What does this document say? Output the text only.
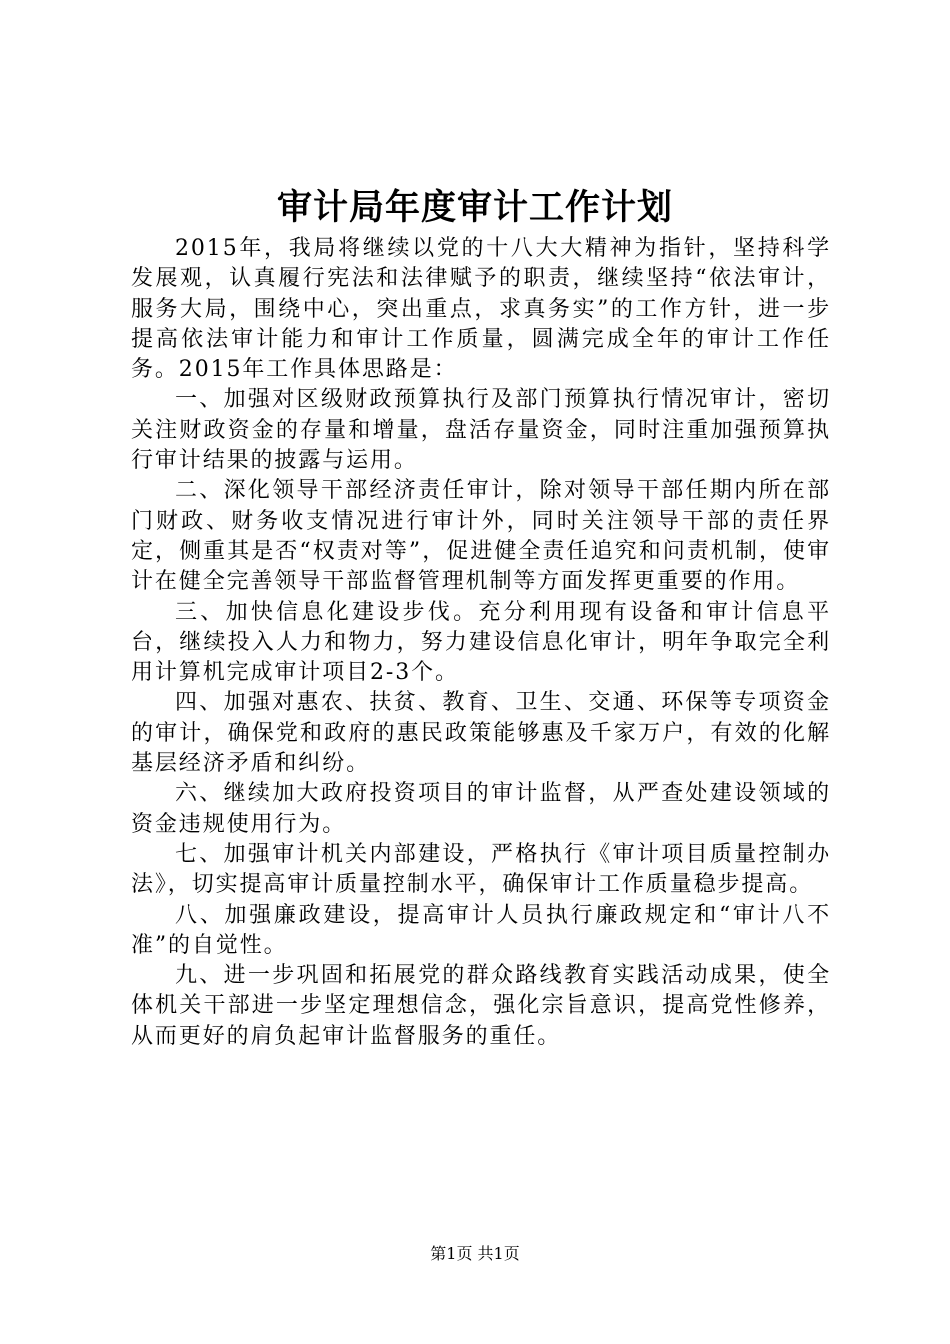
审计局年度审计工作计划

2015年，我局将继续以党的十八大大精神为指针，坚持科学发展观，认真履行宪法和法律赋予的职责，继续坚持“依法审计，服务大局，围绕中心，突出重点，求真务实”的工作方针，进一步提高依法审计能力和审计工作质量，圆满完成全年的审计工作任务。2015年工作具体思路是：

一、加强对区级财政预算执行及部门预算执行情况审计，密切关注财政资金的存量和增量，盘活存量资金，同时注重加强预算执行审计结果的披露与运用。

二、深化领导干部经济责任审计，除对领导干部任期内所在部门财政、财务收支情况进行审计外，同时关注领导干部的责任界定，侧重其是否“权责对等”，促进健全责任追究和问责机制，使审计在健全完善领导干部监督管理机制等方面发挥更重要的作用。

三、加快信息化建设步伐。充分利用现有设备和审计信息平台，继续投入人力和物力，努力建设信息化审计，明年争取完全利用计算机完成审计项目2-3个。

四、加强对惠农、扶贫、教育、卫生、交通、环保等专项资金的审计，确保党和政府的惠民政策能够惠及千家万户，有效的化解基层经济矛盾和纠纷。

六、继续加大政府投资项目的审计监督，从严查处建设领域的资金违规使用行为。

七、加强审计机关内部建设，严格执行《审计项目质量控制办法》，切实提高审计质量控制水平，确保审计工作质量稳步提高。

八、加强廉政建设，提高审计人员执行廉政规定和“审计八不准”的自觉性。

九、进一步巩固和拓展党的群众路线教育实践活动成果，使全体机关干部进一步坚定理想信念，强化宗旨意识，提高党性修养，从而更好的肩负起审计监督服务的重任。

第1页 共1页
